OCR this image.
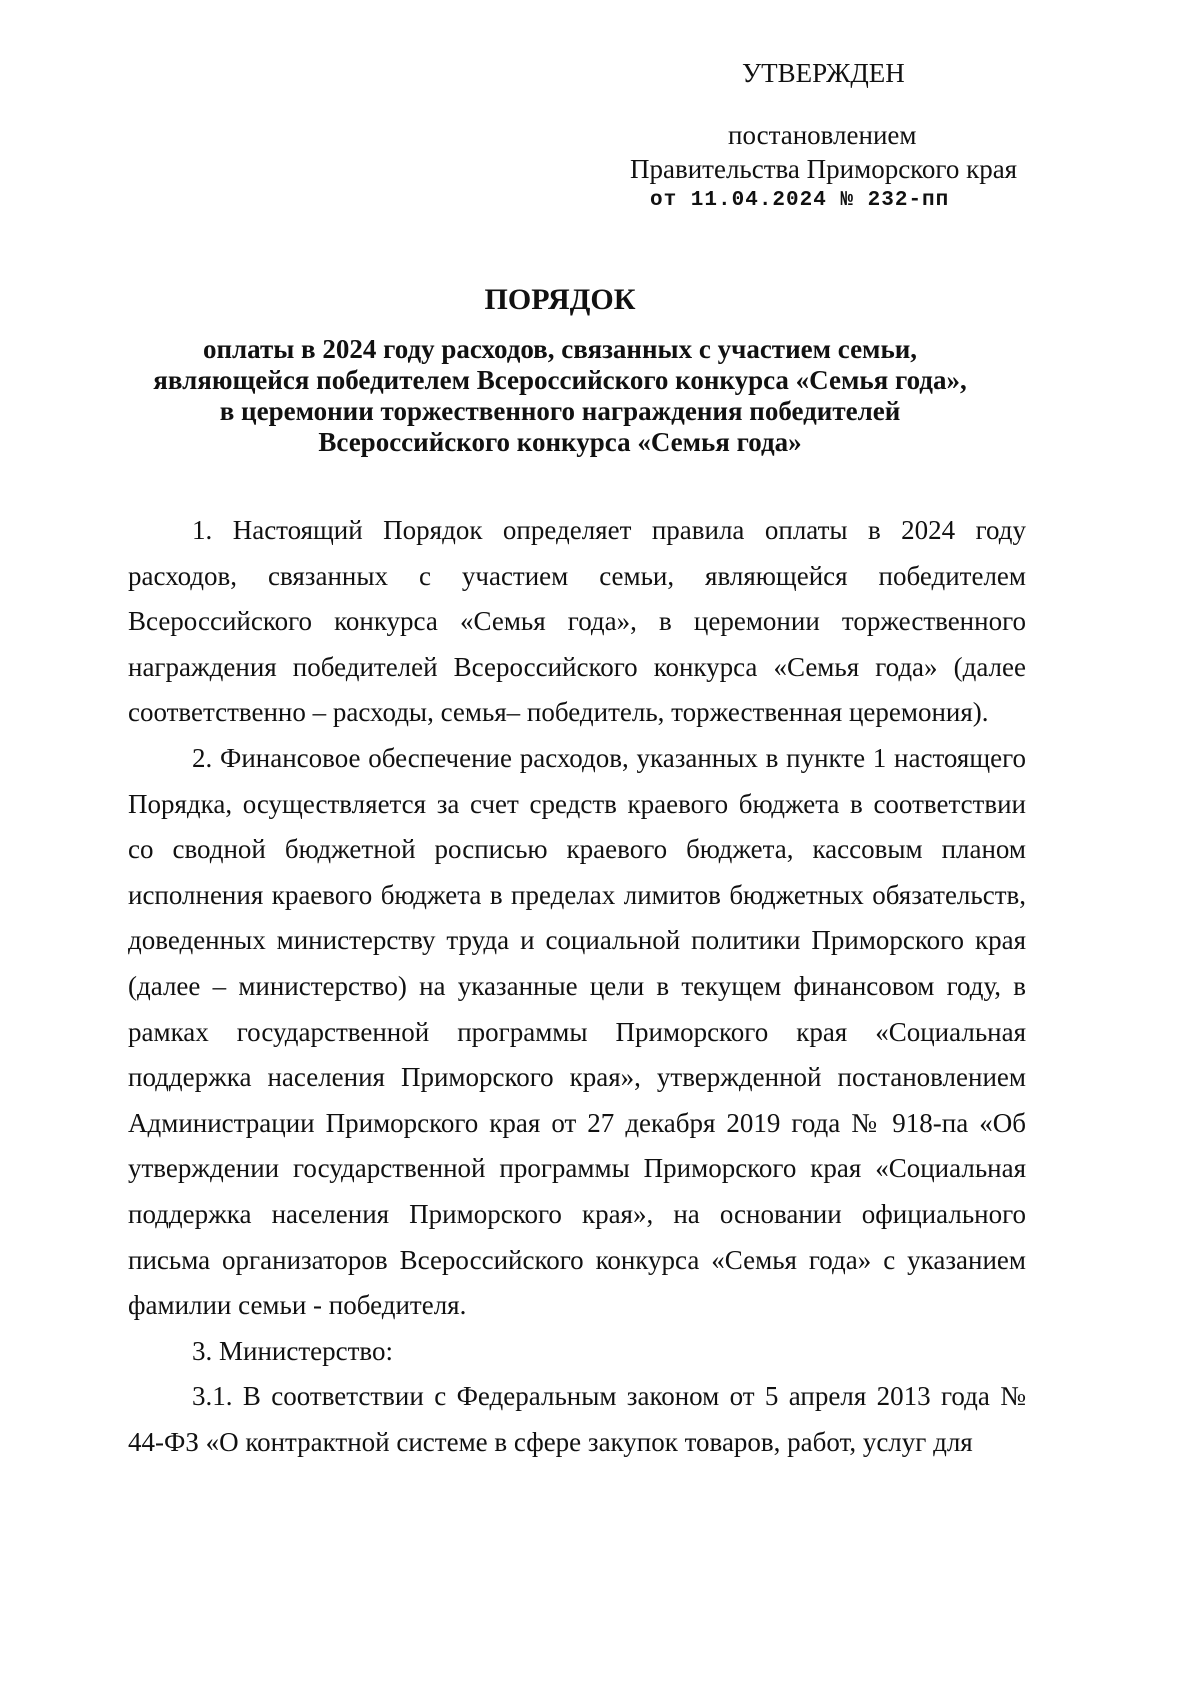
УТВЕРЖДЕН
постановлением
Правительства Приморского края
от 11.04.2024 № 232-пп
ПОРЯДОК
оплаты в 2024 году расходов, связанных с участием семьи,
являющейся победителем Всероссийского конкурса «Семья года»,
в церемонии торжественного награждения победителей
Всероссийского конкурса «Семья года»

1. Настоящий Порядок определяет правила оплаты в 2024 году расходов, связанных с участием семьи, являющейся победителем Всероссийского конкурса «Семья года», в церемонии торжественного награждения победителей Всероссийского конкурса «Семья года» (далее соответственно – расходы, семья– победитель, торжественная церемония).

2. Финансовое обеспечение расходов, указанных в пункте 1 настоящего Порядка, осуществляется за счет средств краевого бюджета в соответствии со сводной бюджетной росписью краевого бюджета, кассовым планом исполнения краевого бюджета в пределах лимитов бюджетных обязательств, доведенных министерству труда и социальной политики Приморского края (далее – министерство) на указанные цели в текущем финансовом году, в рамках государственной программы Приморского края «Социальная поддержка населения Приморского края», утвержденной постановлением Администрации Приморского края от 27 декабря 2019 года № 918-па «Об утверждении государственной программы Приморского края «Социальная поддержка населения Приморского края», на основании официального письма организаторов Всероссийского конкурса «Семья года» с указанием фамилии семьи - победителя.

3. Министерство:

3.1. В соответствии с Федеральным законом от 5 апреля 2013 года № 44-ФЗ «О контрактной системе в сфере закупок товаров, работ, услуг для
